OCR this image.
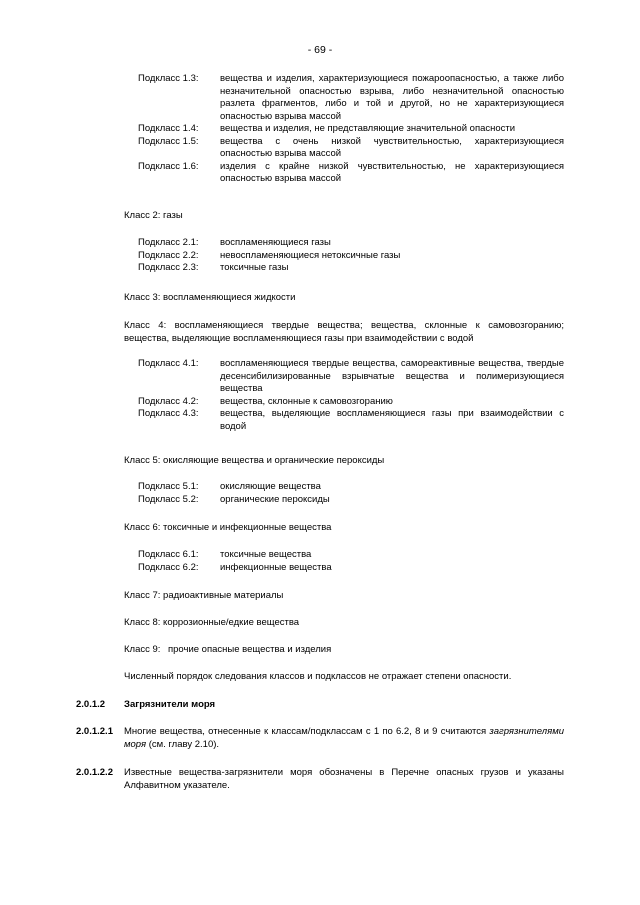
- 69 -
Подкласс 1.3: вещества и изделия, характеризующиеся пожароопасностью, а также либо незначительной опасностью взрыва, либо незначительной опасностью разлета фрагментов, либо и той и другой, но не характеризующиеся опасностью взрыва массой
Подкласс 1.4: вещества и изделия, не представляющие значительной опасности
Подкласс 1.5: вещества с очень низкой чувствительностью, характеризующиеся опасностью взрыва массой
Подкласс 1.6: изделия с крайне низкой чувствительностью, не характеризующиеся опасностью взрыва массой
Класс 2: газы
Подкласс 2.1: воспламеняющиеся газы
Подкласс 2.2: невоспламеняющиеся нетоксичные газы
Подкласс 2.3: токсичные газы
Класс 3: воспламеняющиеся жидкости
Класс 4: воспламеняющиеся твердые вещества; вещества, склонные к самовозгоранию; вещества, выделяющие воспламеняющиеся газы при взаимодействии с водой
Подкласс 4.1: воспламеняющиеся твердые вещества, самореактивные вещества, твердые десенсибилизированные взрывчатые вещества и полимеризующиеся вещества
Подкласс 4.2: вещества, склонные к самовозгоранию
Подкласс 4.3: вещества, выделяющие воспламеняющиеся газы при взаимодействии с водой
Класс 5: окисляющие вещества и органические пероксиды
Подкласс 5.1: окисляющие вещества
Подкласс 5.2: органические пероксиды
Класс 6: токсичные и инфекционные вещества
Подкласс 6.1: токсичные вещества
Подкласс 6.2: инфекционные вещества
Класс 7: радиоактивные материалы
Класс 8: коррозионные/едкие вещества
Класс 9: прочие опасные вещества и изделия
Численный порядок следования классов и подклассов не отражает степени опасности.
2.0.1.2 Загрязнители моря
2.0.1.2.1 Многие вещества, отнесенные к классам/подклассам с 1 по 6.2, 8 и 9 считаются загрязнителями моря (см. главу 2.10).
2.0.1.2.2 Известные вещества-загрязнители моря обозначены в Перечне опасных грузов и указаны Алфавитном указателе.
